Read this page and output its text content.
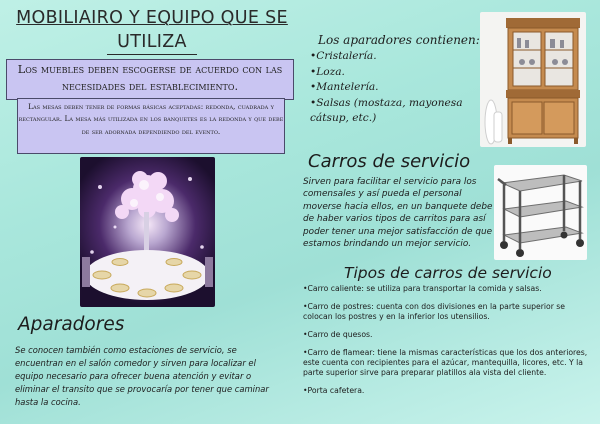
MOBILIAIRO Y EQUIPO QUE SE
UTILIZA
Los muebles deben escogerse de acuerdo con las necesidades del establecimiento.
Las mesas deben tener de formas básicas aceptadas: redonda, cuadrada y rectangular. La mesa más utilizada en los banquetes es la redonda y que debe de ser adornada dependiendo del evento.
Los aparadores contienen:
•Cristalería.
•Loza.
•Mantelería.
•Salsas (mostaza, mayonesa cátsup, etc.)
Carros de servicio
Sirven para facilitar el servicio para los comensales y así pueda el personal moverse hacia ellos, en un banquete debe de haber varios tipos de carritos para así poder tener una mejor satisfacción de que estamos brindando un mejor servicio.
Tipos de carros de servicio
•Carro caliente: se utiliza para transportar la comida y salsas.
•Carro de postres: cuenta con dos divisiones en la parte superior se colocan los postres y en la inferior los utensilios.
•Carro de quesos.
•Carro de flamear: tiene la mismas características que los dos anteriores, este cuenta con recipientes para el azúcar, mantequilla, licores, etc. Y la parte superior sirve para preparar platillos ala vista del cliente.
•Porta cafetera.
Aparadores
Se conocen también como estaciones de servicio, se encuentran en el salón comedor y sirven para localizar el equipo necesario para ofrecer buena atención y evitar o eliminar el transito que se provocaría por tener que caminar hasta la cocina.
